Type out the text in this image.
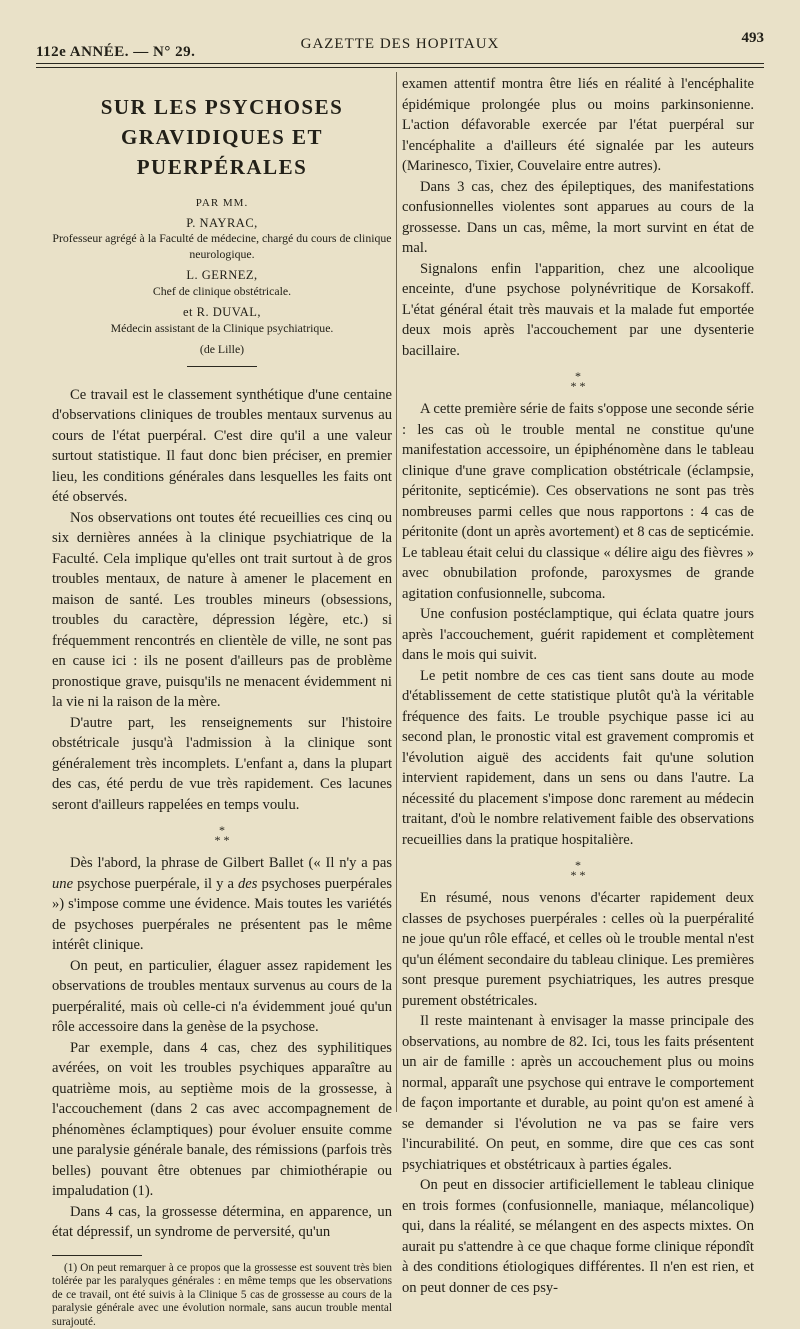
112e ANNÉE. — N° 29.	GAZETTE DES HOPITAUX	493
SUR LES PSYCHOSES
GRAVIDIQUES ET PUERPÉRALES
PAR MM.
P. NAYRAC,
Professeur agrégé à la Faculté de médecine, chargé du cours de clinique neurologique.
L. GERNEZ,
Chef de clinique obstétricale.
et R. DUVAL,
Médecin assistant de la Clinique psychiatrique.
(de Lille)

Ce travail est le classement synthétique d'une centaine d'observations cliniques de troubles mentaux survenus au cours de l'état puerpéral. C'est dire qu'il a une valeur surtout statistique. Il faut donc bien préciser, en premier lieu, les conditions générales dans lesquelles les faits ont été observés.

Nos observations ont toutes été recueillies ces cinq ou six dernières années à la clinique psychiatrique de la Faculté. Cela implique qu'elles ont trait surtout à de gros troubles mentaux, de nature à amener le placement en maison de santé. Les troubles mineurs (obsessions, troubles du caractère, dépression légère, etc.) si fréquemment rencontrés en clientèle de ville, ne sont pas en cause ici : ils ne posent d'ailleurs pas de problème pronostique grave, puisqu'ils ne menacent évidemment ni la vie ni la raison de la mère.

D'autre part, les renseignements sur l'histoire obstétricale jusqu'à l'admission à la clinique sont généralement très incomplets. L'enfant a, dans la plupart des cas, été perdu de vue très rapidement. Ces lacunes seront d'ailleurs rappelées en temps voulu.

*
* *

Dès l'abord, la phrase de Gilbert Ballet (« Il n'y a pas une psychose puerpérale, il y a des psychoses puerpérales ») s'impose comme une évidence. Mais toutes les variétés de psychoses puerpérales ne présentent pas le même intérêt clinique.

On peut, en particulier, élaguer assez rapidement les observations de troubles mentaux survenus au cours de la puerpéralité, mais où celle-ci n'a évidemment joué qu'un rôle accessoire dans la genèse de la psychose.

Par exemple, dans 4 cas, chez des syphilitiques avérées, on voit les troubles psychiques apparaître au quatrième mois, au septième mois de la grossesse, à l'accouchement (dans 2 cas avec accompagnement de phénomènes éclamptiques) pour évoluer ensuite comme une paralysie générale banale, des rémissions (parfois très belles) pouvant être obtenues par chimiothérapie ou impaludation (1).

Dans 4 cas, la grossesse détermina, en apparence, un état dépressif, un syndrome de perversité, qu'un

(1) On peut remarquer à ce propos que la grossesse est souvent très bien tolérée par les paralyques générales : en même temps que les observations de ce travail, ont été suivis à la Clinique 5 cas de grossesse au cours de la paralysie générale avec une évolution normale, sans aucun trouble mental surajouté.

examen attentif montra être liés en réalité à l'encéphalite épidémique prolongée plus ou moins parkinsonienne. L'action défavorable exercée par l'état puerpéral sur l'encéphalite a d'ailleurs été signalée par les auteurs (Marinesco, Tixier, Couvelaire entre autres).

Dans 3 cas, chez des épileptiques, des manifestations confusionnelles violentes sont apparues au cours de la grossesse. Dans un cas, même, la mort survint en état de mal.

Signalons enfin l'apparition, chez une alcoolique enceinte, d'une psychose polynévritique de Korsakoff. L'état général était très mauvais et la malade fut emportée deux mois après l'accouchement par une dysenterie bacillaire.

*
* *

A cette première série de faits s'oppose une seconde série : les cas où le trouble mental ne constitue qu'une manifestation accessoire, un épiphénomène dans le tableau clinique d'une grave complication obstétricale (éclampsie, péritonite, septicémie). Ces observations ne sont pas très nombreuses parmi celles que nous rapportons : 4 cas de péritonite (dont un après avortement) et 8 cas de septicémie. Le tableau était celui du classique « délire aigu des fièvres » avec obnubilation profonde, paroxysmes de grande agitation confusionnelle, subcoma.

Une confusion postéclamptique, qui éclata quatre jours après l'accouchement, guérit rapidement et complètement dans le mois qui suivit.

Le petit nombre de ces cas tient sans doute au mode d'établissement de cette statistique plutôt qu'à la véritable fréquence des faits. Le trouble psychique passe ici au second plan, le pronostic vital est gravement compromis et l'évolution aiguë des accidents fait qu'une solution intervient rapidement, dans un sens ou dans l'autre. La nécessité du placement s'impose donc rarement au médecin traitant, d'où le nombre relativement faible des observations recueillies dans la pratique hospitalière.

*
* *

En résumé, nous venons d'écarter rapidement deux classes de psychoses puerpérales : celles où la puerpéralité ne joue qu'un rôle effacé, et celles où le trouble mental n'est qu'un élément secondaire du tableau clinique. Les premières sont presque purement psychiatriques, les autres presque purement obstétricales.

Il reste maintenant à envisager la masse principale des observations, au nombre de 82. Ici, tous les faits présentent un air de famille : après un accouchement plus ou moins normal, apparaît une psychose qui entrave le comportement de façon importante et durable, au point qu'on est amené à se demander si l'évolution ne va pas se faire vers l'incurabilité. On peut, en somme, dire que ces cas sont psychiatriques et obstétricaux à parties égales.

On peut en dissocier artificiellement le tableau clinique en trois formes (confusionnelle, maniaque, mélancolique) qui, dans la réalité, se mélangent en des aspects mixtes. On aurait pu s'attendre à ce que chaque forme clinique répondît à des conditions étiologiques différentes. Il n'en est rien, et on peut donner de ces psy-
